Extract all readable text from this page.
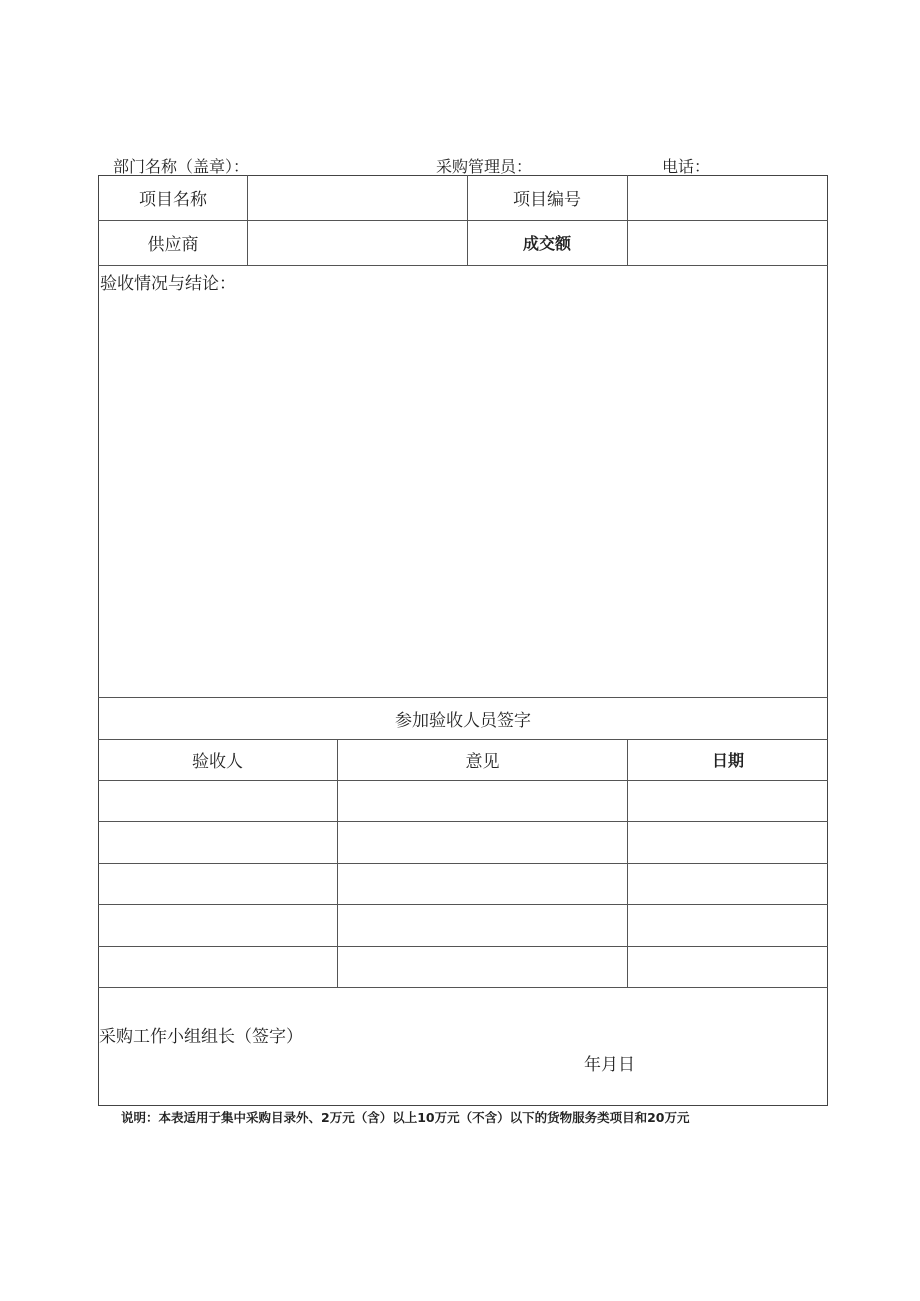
部门名称（盖章）：	采购管理员：	电话：
项目名称	项目编号
供应商	成交额
验收情况与结论：
参加验收人员签字
验收人	意见	日期
采购工作小组组长（签字）
年月日
说明：本表适用于集中采购目录外、2万元（含）以上10万元（不含）以下的货物服务类项目和20万元
